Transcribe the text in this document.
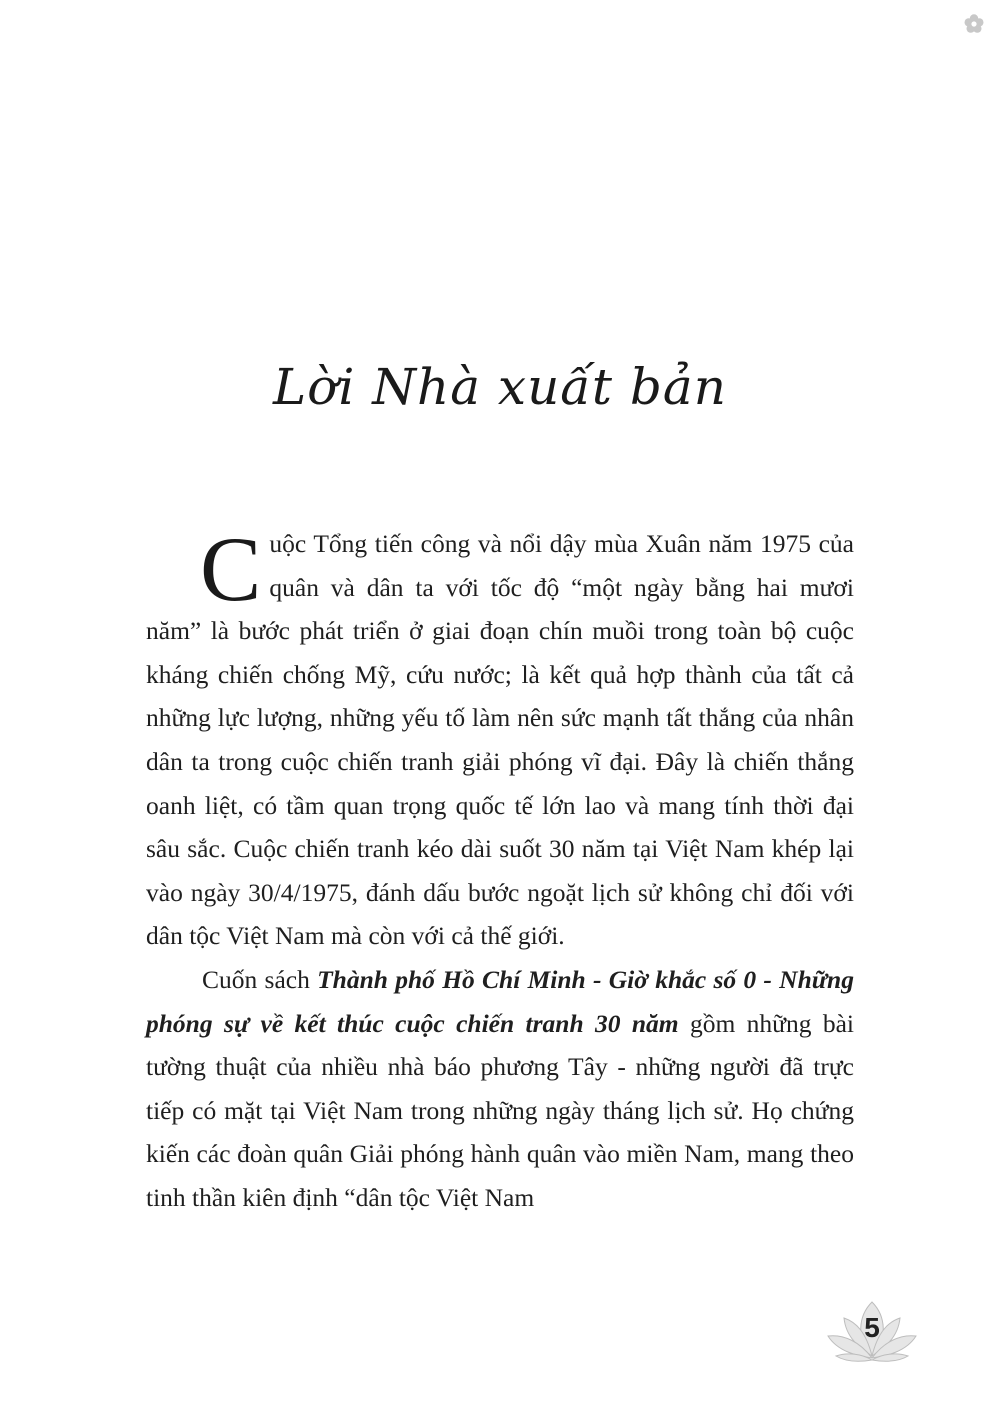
Lời Nhà xuất bản

Cuộc Tổng tiến công và nổi dậy mùa Xuân năm 1975 của quân và dân ta với tốc độ “một ngày bằng hai mươi năm” là bước phát triển ở giai đoạn chín muồi trong toàn bộ cuộc kháng chiến chống Mỹ, cứu nước; là kết quả hợp thành của tất cả những lực lượng, những yếu tố làm nên sức mạnh tất thắng của nhân dân ta trong cuộc chiến tranh giải phóng vĩ đại. Đây là chiến thắng oanh liệt, có tầm quan trọng quốc tế lớn lao và mang tính thời đại sâu sắc. Cuộc chiến tranh kéo dài suốt 30 năm tại Việt Nam khép lại vào ngày 30/4/1975, đánh dấu bước ngoặt lịch sử không chỉ đối với dân tộc Việt Nam mà còn với cả thế giới.

Cuốn sách Thành phố Hồ Chí Minh - Giờ khắc số 0 - Những phóng sự về kết thúc cuộc chiến tranh 30 năm gồm những bài tường thuật của nhiều nhà báo phương Tây - những người đã trực tiếp có mặt tại Việt Nam trong những ngày tháng lịch sử. Họ chứng kiến các đoàn quân Giải phóng hành quân vào miền Nam, mang theo tinh thần kiên định “dân tộc Việt Nam

5
